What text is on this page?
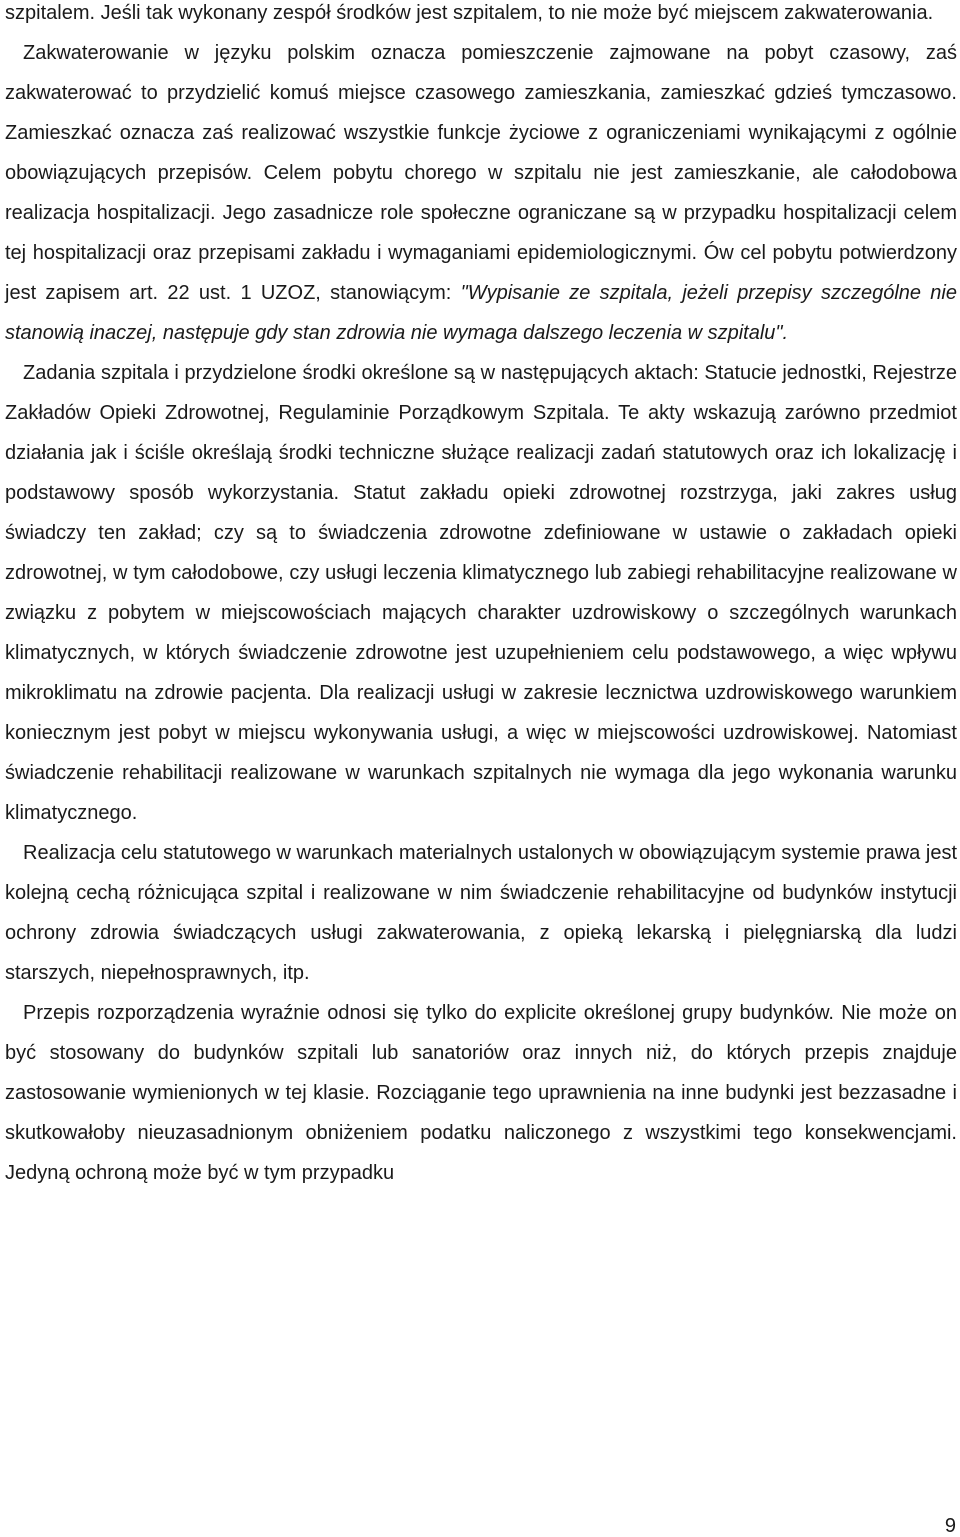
szpitalem. Jeśli tak wykonany zespół środków jest szpitalem, to nie może być miejscem zakwaterowania.

Zakwaterowanie w języku polskim oznacza pomieszczenie zajmowane na pobyt czasowy, zaś zakwaterować to przydzielić komuś miejsce czasowego zamieszkania, zamieszkać gdzieś tymczasowo. Zamieszkać oznacza zaś realizować wszystkie funkcje życiowe z ograniczeniami wynikającymi z ogólnie obowiązujących przepisów. Celem pobytu chorego w szpitalu nie jest zamieszkanie, ale całodobowa realizacja hospitalizacji. Jego zasadnicze role społeczne ograniczane są w przypadku hospitalizacji celem tej hospitalizacji oraz przepisami zakładu i wymaganiami epidemiologicznymi. Ów cel pobytu potwierdzony jest zapisem art. 22 ust. 1 UZOZ, stanowiącym: "Wypisanie ze szpitala, jeżeli przepisy szczególne nie stanowią inaczej, następuje gdy stan zdrowia nie wymaga dalszego leczenia w szpitalu".

Zadania szpitala i przydzielone środki określone są w następujących aktach: Statucie jednostki, Rejestrze Zakładów Opieki Zdrowotnej, Regulaminie Porządkowym Szpitala. Te akty wskazują zarówno przedmiot działania jak i ściśle określają środki techniczne służące realizacji zadań statutowych oraz ich lokalizację i podstawowy sposób wykorzystania. Statut zakładu opieki zdrowotnej rozstrzyga, jaki zakres usług świadczy ten zakład; czy są to świadczenia zdrowotne zdefiniowane w ustawie o zakładach opieki zdrowotnej, w tym całodobowe, czy usługi leczenia klimatycznego lub zabiegi rehabilitacyjne realizowane w związku z pobytem w miejscowościach mających charakter uzdrowiskowy o szczególnych warunkach klimatycznych, w których świadczenie zdrowotne jest uzupełnieniem celu podstawowego, a więc wpływu mikroklimatu na zdrowie pacjenta. Dla realizacji usługi w zakresie lecznictwa uzdrowiskowego warunkiem koniecznym jest pobyt w miejscu wykonywania usługi, a więc w miejscowości uzdrowiskowej. Natomiast świadczenie rehabilitacji realizowane w warunkach szpitalnych nie wymaga dla jego wykonania warunku klimatycznego.

Realizacja celu statutowego w warunkach materialnych ustalonych w obowiązującym systemie prawa jest kolejną cechą różnicująca szpital i realizowane w nim świadczenie rehabilitacyjne od budynków instytucji ochrony zdrowia świadczących usługi zakwaterowania, z opieką lekarską i pielęgniarską dla ludzi starszych, niepełnosprawnych, itp.

Przepis rozporządzenia wyraźnie odnosi się tylko do explicite określonej grupy budynków. Nie może on być stosowany do budynków szpitali lub sanatoriów oraz innych niż, do których przepis znajduje zastosowanie wymienionych w tej klasie. Rozciąganie tego uprawnienia na inne budynki jest bezzasadne i skutkowałoby nieuzasadnionym obniżeniem podatku naliczonego z wszystkimi tego konsekwencjami. Jedyną ochroną może być w tym przypadku

9
